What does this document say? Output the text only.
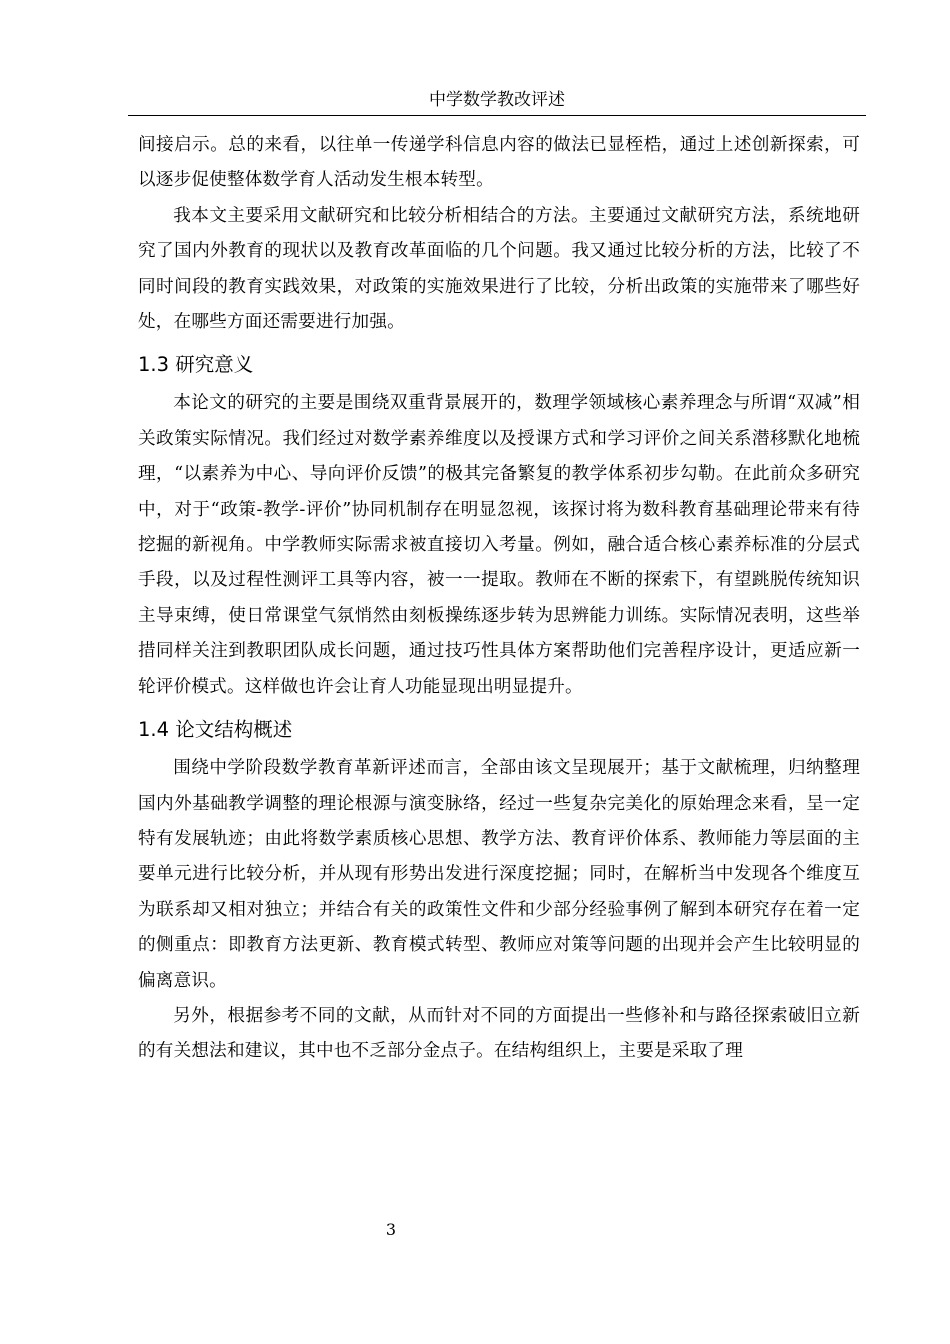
中学数学教改评述

间接启示。总的来看，以往单一传递学科信息内容的做法已显桎梏，通过上述创新探索，可以逐步促使整体数学育人活动发生根本转型。

我本文主要采用文献研究和比较分析相结合的方法。主要通过文献研究方法，系统地研究了国内外教育的现状以及教育改革面临的几个问题。我又通过比较分析的方法，比较了不同时间段的教育实践效果，对政策的实施效果进行了比较，分析出政策的实施带来了哪些好处，在哪些方面还需要进行加强。

1.3 研究意义

本论文的研究的主要是围绕双重背景展开的，数理学领域核心素养理念与所谓“双减”相关政策实际情况。我们经过对数学素养维度以及授课方式和学习评价之间关系潜移默化地梳理，“以素养为中心、导向评价反馈”的极其完备繁复的教学体系初步勾勒。在此前众多研究中，对于“政策-教学-评价”协同机制存在明显忽视，该探讨将为数科教育基础理论带来有待挖掘的新视角。中学教师实际需求被直接切入考量。例如，融合适合核心素养标准的分层式手段，以及过程性测评工具等内容，被一一提取。教师在不断的探索下，有望跳脱传统知识主导束缚，使日常课堂气氛悄然由刻板操练逐步转为思辨能力训练。实际情况表明，这些举措同样关注到教职团队成长问题，通过技巧性具体方案帮助他们完善程序设计，更适应新一轮评价模式。这样做也许会让育人功能显现出明显提升。

1.4 论文结构概述

围绕中学阶段数学教育革新评述而言，全部由该文呈现展开；基于文献梳理，归纳整理国内外基础教学调整的理论根源与演变脉络，经过一些复杂完美化的原始理念来看，呈一定特有发展轨迹；由此将数学素质核心思想、教学方法、教育评价体系、教师能力等层面的主要单元进行比较分析，并从现有形势出发进行深度挖掘；同时，在解析当中发现各个维度互为联系却又相对独立；并结合有关的政策性文件和少部分经验事例了解到本研究存在着一定的侧重点：即教育方法更新、教育模式转型、教师应对策等问题的出现并会产生比较明显的偏离意识。

另外，根据参考不同的文献，从而针对不同的方面提出一些修补和与路径探索破旧立新的有关想法和建议，其中也不乏部分金点子。在结构组织上，主要是采取了理

3
